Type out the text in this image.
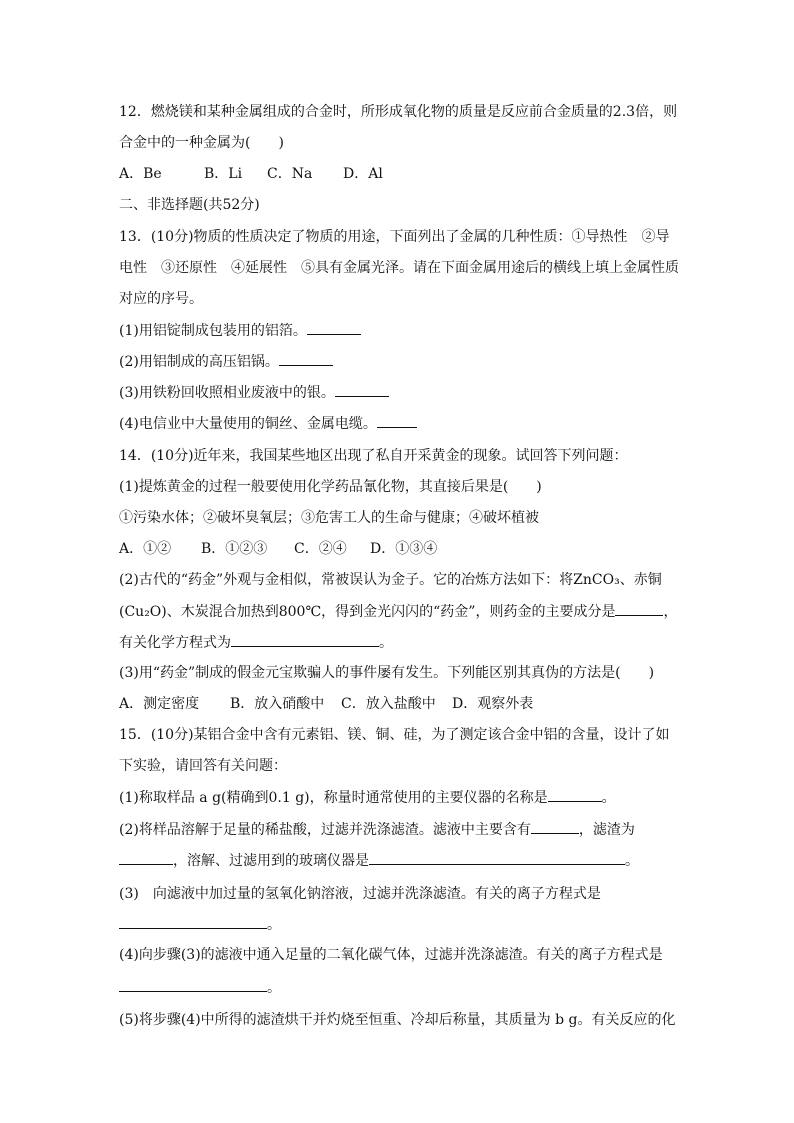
12．燃烧镁和某种金属组成的合金时，所形成氧化物的质量是反应前合金质量的2.3倍，则
合金中的一种金属为(　　)
A．Be	B．Li C．Na D．Al
二、非选择题(共52分)
13．(10分)物质的性质决定了物质的用途，下面列出了金属的几种性质：①导热性　②导
电性　③还原性　④延展性　⑤具有金属光泽。请在下面金属用途后的横线上填上金属性质
对应的序号。
(1)用铝锭制成包装用的铝箔。
(2)用铝制成的高压铝锅。
(3)用铁粉回收照相业废液中的银。
(4)电信业中大量使用的铜丝、金属电缆。
14．(10分)近年来，我国某些地区出现了私自开采黄金的现象。试回答下列问题：
(1)提炼黄金的过程一般要使用化学药品氰化物，其直接后果是(　　)
①污染水体；②破坏臭氧层；③危害工人的生命与健康；④破坏植被
A．①② B．①②③ C．②④ D．①③④
(2)古代的“药金”外观与金相似，常被误认为金子。它的冶炼方法如下：将ZnCO₃、赤铜
(Cu₂O)、木炭混合加热到800℃，得到金光闪闪的“药金”，则药金的主要成分是	，
有关化学方程式为	。
(3)用“药金”制成的假金元宝欺骗人的事件屡有发生。下列能区别其真伪的方法是(　　)
A．测定密度 B．放入硝酸中 C．放入盐酸中 D．观察外表
15．(10分)某铝合金中含有元素铝、镁、铜、硅，为了测定该合金中铝的含量，设计了如
下实验，请回答有关问题：
(1)称取样品 a g(精确到0.1 g)，称量时通常使用的主要仪器的名称是	。
(2)将样品溶解于足量的稀盐酸，过滤并洗涤滤渣。滤液中主要含有	，滤渣为
，溶解、过滤用到的玻璃仪器是	。
(3)　向滤液中加过量的氢氧化钠溶液，过滤并洗涤滤渣。有关的离子方程式是
。
(4)向步骤(3)的滤液中通入足量的二氧化碳气体，过滤并洗涤滤渣。有关的离子方程式是
。
(5)将步骤(4)中所得的滤渣烘干并灼烧至恒重、冷却后称量，其质量为 b g。有关反应的化
